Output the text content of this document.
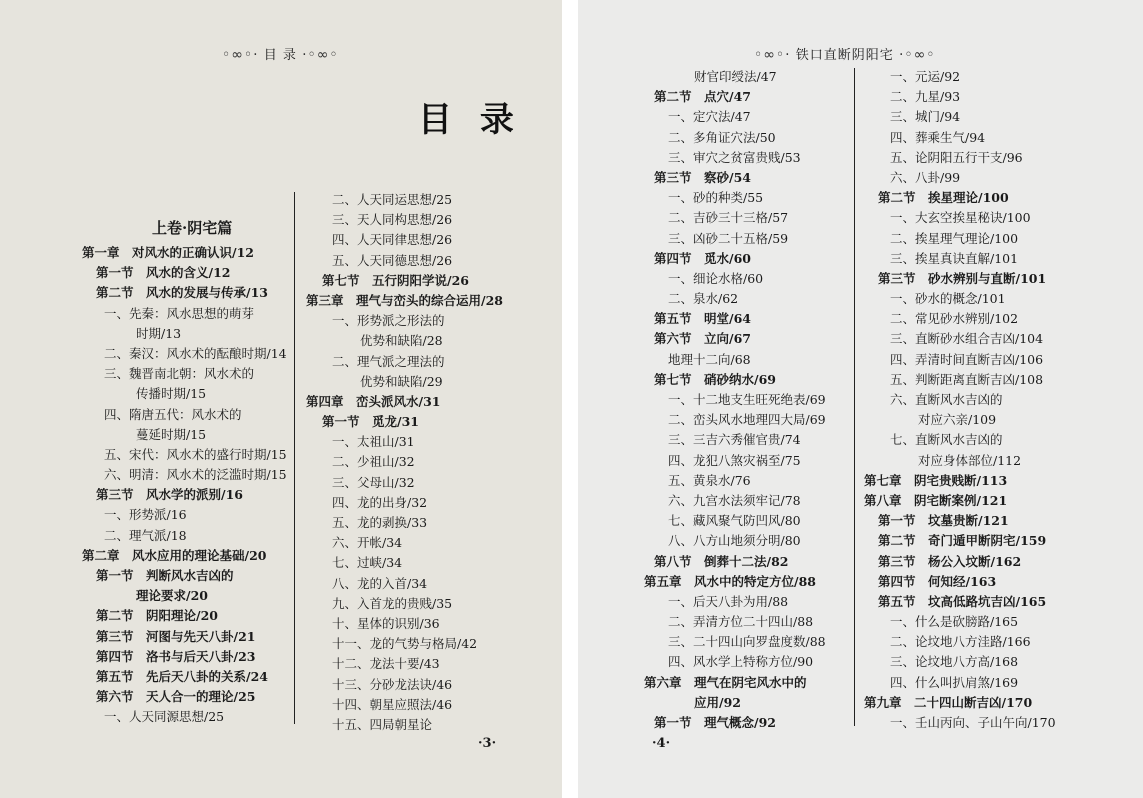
◦∞◦· 目 录 ·◦∞◦
目 录
上卷·阴宅篇
第一章　对风水的正确认识/12
第一节　风水的含义/12
第二节　风水的发展与传承/13
一、先秦：风水思想的萌芽
时期/13
二、秦汉：风水术的酝酿时期/14
三、魏晋南北朝：风水术的
传播时期/15
四、隋唐五代：风水术的
蔓延时期/15
五、宋代：风水术的盛行时期/15
六、明清：风水术的泛滥时期/15
第三节　风水学的派别/16
一、形势派/16
二、理气派/18
第二章　风水应用的理论基础/20
第一节　判断风水吉凶的
理论要求/20
第二节　阴阳理论/20
第三节　河图与先天八卦/21
第四节　洛书与后天八卦/23
第五节　先后天八卦的关系/24
第六节　天人合一的理论/25
一、人天同源思想/25
二、人天同运思想/25
三、天人同构思想/26
四、人天同律思想/26
五、人天同德思想/26
第七节　五行阴阳学说/26
第三章　理气与峦头的综合运用/28
一、形势派之形法的
优势和缺陷/28
二、理气派之理法的
优势和缺陷/29
第四章　峦头派风水/31
第一节　觅龙/31
一、太祖山/31
二、少祖山/32
三、父母山/32
四、龙的出身/32
五、龙的剥换/33
六、开帐/34
七、过峡/34
八、龙的入首/34
九、入首龙的贵贱/35
十、星体的识别/36
十一、龙的气势与格局/42
十二、龙法十要/43
十三、分砂龙法诀/46
十四、朝星应照法/46
十五、四局朝星论
·3·
◦∞◦· 铁口直断阴阳宅 ·◦∞◦
财官印绶法/47
第二节　点穴/47
一、定穴法/47
二、多角证穴法/50
三、审穴之贫富贵贱/53
第三节　察砂/54
一、砂的种类/55
二、吉砂三十三格/57
三、凶砂二十五格/59
第四节　觅水/60
一、细论水格/60
二、泉水/62
第五节　明堂/64
第六节　立向/67
地理十二向/68
第七节　硝砂纳水/69
一、十二地支生旺死绝表/69
二、峦头风水地理四大局/69
三、三吉六秀催官贵/74
四、龙犯八煞灾祸至/75
五、黄泉水/76
六、九宫水法须牢记/78
七、藏风聚气防凹风/80
八、八方山地须分明/80
第八节　倒葬十二法/82
第五章　风水中的特定方位/88
一、后天八卦为用/88
二、弄清方位二十四山/88
三、二十四山向罗盘度数/88
四、风水学上特称方位/90
第六章　理气在阴宅风水中的
应用/92
第一节　理气概念/92
一、元运/92
二、九星/93
三、城门/94
四、葬乘生气/94
五、论阴阳五行干支/96
六、八卦/99
第二节　挨星理论/100
一、大玄空挨星秘诀/100
二、挨星理气理论/100
三、挨星真诀直解/101
第三节　砂水辨别与直断/101
一、砂水的概念/101
二、常见砂水辨别/102
三、直断砂水组合吉凶/104
四、弄清时间直断吉凶/106
五、判断距离直断吉凶/108
六、直断风水吉凶的
对应六亲/109
七、直断风水吉凶的
对应身体部位/112
第七章　阴宅贵贱断/113
第八章　阴宅断案例/121
第一节　坟墓贵断/121
第二节　奇门遁甲断阴宅/159
第三节　杨公入坟断/162
第四节　何知经/163
第五节　坟高低路坑吉凶/165
一、什么是砍膀路/165
二、论坟地八方洼路/166
三、论坟地八方高/168
四、什么叫扒肩煞/169
第九章　二十四山断吉凶/170
一、壬山丙向、子山午向/170
·4·
